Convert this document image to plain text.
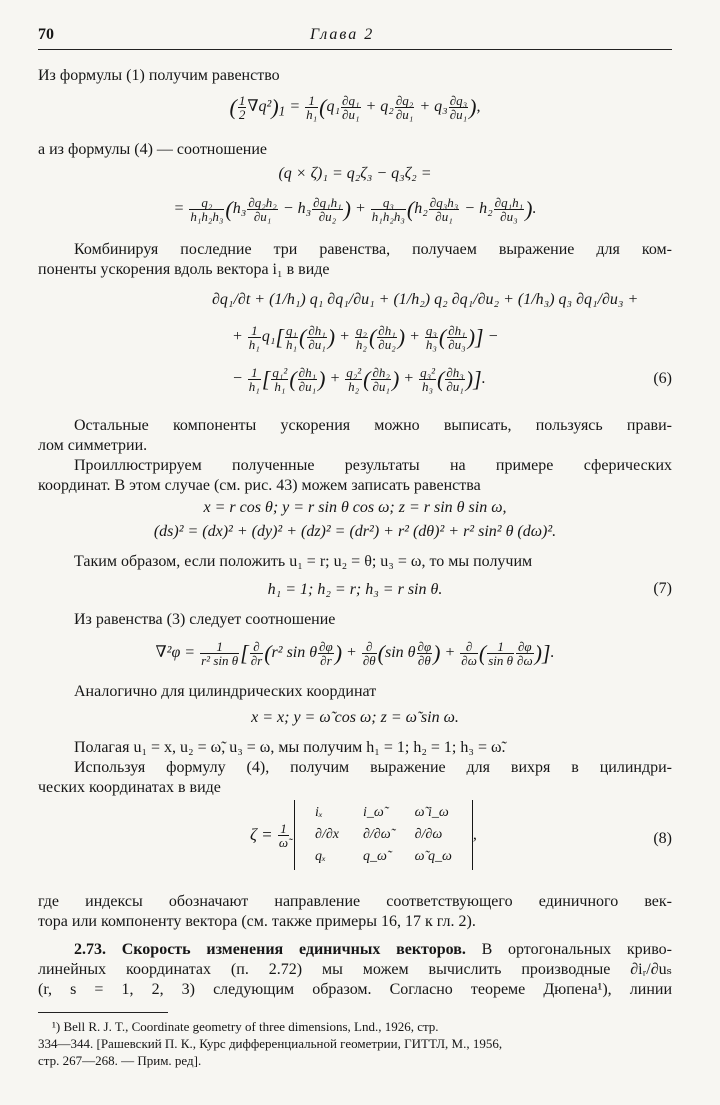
70	Глава 2
Из формулы (1) получим равенство
( $\frac{1}{2} \nabla q^2)_1 = \frac{1}{\text{h₁}} (q_1 \frac{\text{∂q₁}}{\text{∂u₁}} + q_2 \frac{\text{∂q₂}}{\text{∂u₁}} + q_3 \frac{\text{∂q₃}}{\text{∂u₁}}$ ),
а из формулы (4) — соотношение
(q × ζ)₁ = q₂ζ₃ − q₃ζ₂ =
= $\frac{\text{q₂}}{\text{h₁h₂h₃}} (h_3 \frac{\text{∂q₂h₂}}{\text{∂u₁}} - h_3 \frac{\text{∂q₁h₁}}{\text{∂u₂}}$ ) + $\frac{\text{q₃}}{\text{h₁h₂h₃}} (h_2 \frac{\text{∂q₃h₃}}{\text{∂u₁}} - h_2 \frac{\text{∂q₁h₁}}{\text{∂u₃}}$ ).
Комбинируя последние три равенства, получаем выражение для ком-
поненты ускорения вдоль вектора i₁ в виде
∂q₁/∂t + (1/h₁) q₁ ∂q₁/∂u₁ + (1/h₂) q₂ ∂q₁/∂u₂ + (1/h₃) q₃ ∂q₁/∂u₃ +
+ $\frac{1}{\text{h₁}} q_1[ \frac{\text{q₁}}{\text{h₁}}$ ( $\frac{\text{∂h₁}}{\text{∂u₁}}$ ) + $\frac{\text{q₂}}{\text{h₂}}$ ( $\frac{\text{∂h₁}}{\text{∂u₂}}$ ) + $\frac{\text{q₃}}{\text{h₃}}$ ( $\frac{\text{∂h₁}}{\text{∂u₃}}$ )] −
− $\frac{1}{\text{h₁}}$ [ $\frac{\text{q₁²}}{\text{h₁}}$ ( $\frac{\text{∂h₁}}{\text{∂u₁}}$ ) + $\frac{\text{q₂²}}{\text{h₂}}$ ( $\frac{\text{∂h₂}}{\text{∂u₁}}$ ) + $\frac{\text{q₃²}}{\text{h₃}}$ ( $\frac{\text{∂h₃}}{\text{∂u₁}}$ )].	(6)
Остальные компоненты ускорения можно выписать, пользуясь прави-
лом симметрии.
Проиллюстрируем полученные результаты на примере сферических
координат. В этом случае (см. рис. 43) можем записать равенства
x = r cos θ; y = r sin θ cos ω; z = r sin θ sin ω,
(ds)² = (dx)² + (dy)² + (dz)² = (dr²) + r² (dθ)² + r² sin² θ (dω)².
Таким образом, если положить u₁ = r; u₂ = θ; u₃ = ω, то мы получим
h₁ = 1; h₂ = r; h₃ = r sin θ.	(7)
Из равенства (3) следует соотношение
$\nabla^2\varphi = \frac{1}{\text{r² sin θ}}$ [ $\frac{\partial}{\partial r} (r^2$ sin θ $\frac{\partial\varphi}{\partial r}$ ) + $\frac{\partial}{\partial\theta} (\sin$ θ $\frac{\partial\varphi}{\partial\theta}$ ) + $\frac{\partial}{\partial\omega}$ ( $\frac{1}{\text{sin θ}} \frac{\partial\varphi}{\partial\omega}$ )].
Аналогично для цилиндрических координат
x = x; y = ω̃ cos ω; z = ω̃ sin ω.
Полагая u₁ = x, u₂ = ω̃, u₃ = ω, мы получим h₁ = 1; h₂ = 1; h₃ = ω̃.
Используя формулу (4), получим выражение для вихря в цилиндри-
ческих координатах в виде
$\zeta = \frac{1}{\omegã}$

iₓ	i_ω̃	ω̃ i_ω
∂/∂x	∂/∂ω̃	∂/∂ω
qₓ	q_ω̃	ω̃ q_ω
,	(8)
где индексы обозначают направление соответствующего единичного век-
тора или компоненту вектора (см. также примеры 16, 17 к гл. 2).
2.73. Скорость изменения единичных векторов. В ортогональных криво-
линейных координатах (п. 2.72) мы можем вычислить производные ∂iᵣ/∂uₛ
(r, s = 1, 2, 3) следующим образом. Согласно теореме Дюпена¹), линии
¹) Bell R. J. T., Coordinate geometry of three dimensions, Lnd., 1926, стр.
334—344. [Рашевский П. К., Курс дифференциальной геометрии, ГИТТЛ, М., 1956,
стр. 267—268. — Прим. ред].
